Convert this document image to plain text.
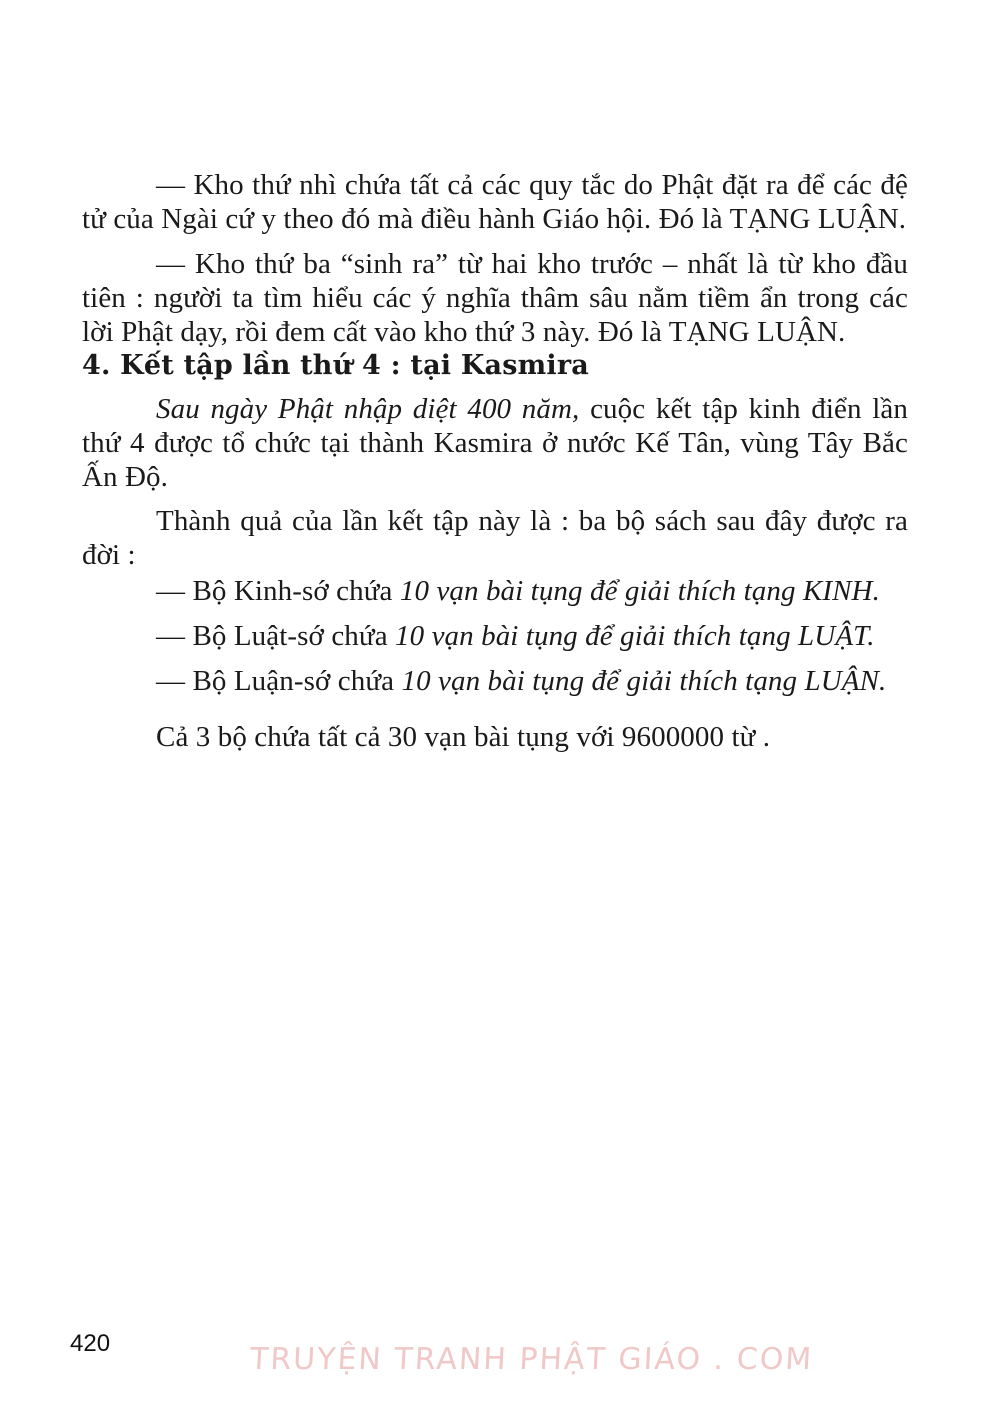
— Kho thứ nhì chứa tất cả các quy tắc do Phật đặt ra để các đệ tử của Ngài cứ y theo đó mà điều hành Giáo hội. Đó là TẠNG LUẬN.

— Kho thứ ba “sinh ra” từ hai kho trước – nhất là từ kho đầu tiên : người ta tìm hiểu các ý nghĩa thâm sâu nằm tiềm ẩn trong các lời Phật dạy, rồi đem cất vào kho thứ 3 này. Đó là TẠNG LUẬN.

4. Kết tập lần thứ 4 : tại Kasmira

Sau ngày Phật nhập diệt 400 năm, cuộc kết tập kinh điển lần thứ 4 được tổ chức tại thành Kasmira ở nước Kế Tân, vùng Tây Bắc Ấn Độ.

Thành quả của lần kết tập này là : ba bộ sách sau đây được ra đời :

— Bộ Kinh-sớ chứa 10 vạn bài tụng để giải thích tạng KINH.

— Bộ Luật-sớ chứa 10 vạn bài tụng để giải thích tạng LUẬT.

— Bộ Luận-sớ chứa 10 vạn bài tụng để giải thích tạng LUẬN.

Cả 3 bộ chứa tất cả 30 vạn bài tụng với 9600000 từ .

420	TRUYỆN TRANH PHẬT GIÁO . COM
